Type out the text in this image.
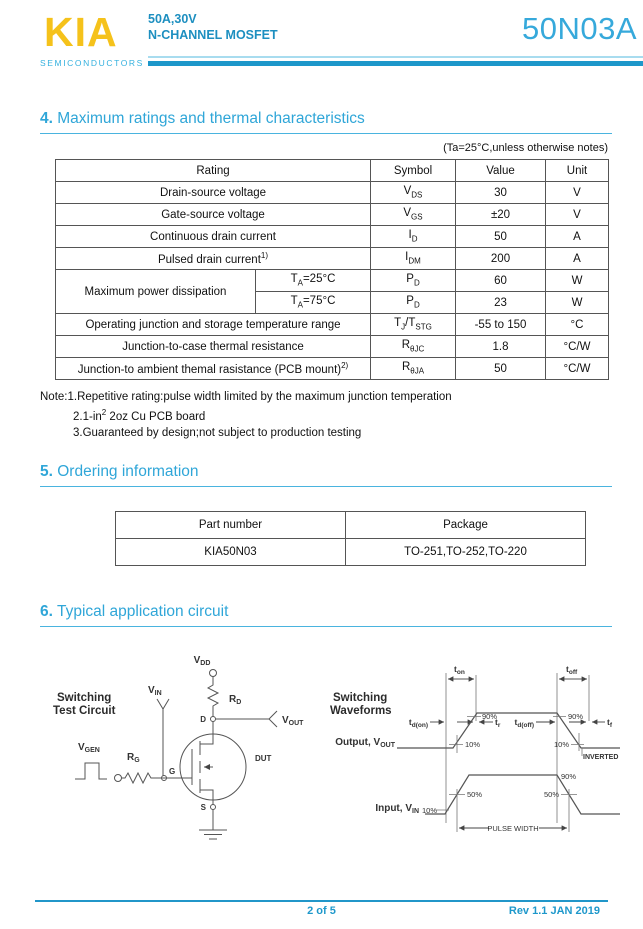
KIA
SEMICONDUCTORS
50A,30V
N-CHANNEL MOSFET	50N03A
4. Maximum ratings and thermal characteristics
(Ta=25°C,unless otherwise notes)
Rating		Symbol	Value	Unit
Drain-source voltage		$V_{DS}$	30	V
Gate-source voltage		$V_{GS}$	±20	V
Continuous drain current		$I_D$	50	A
Pulsed drain current$^{1)}$		$I_{DM}$	200	A
Maximum power dissipation	$T_A=25^\circ C$	$P_D$	60	W
	$T_A=75^\circ C$	$P_D$	23	W
Operating junction and storage temperature range		$T_J/T_{STG}$	-55 to 150	°C
Junction-to-case thermal resistance		$R_{\theta JC}$	1.8	°C/W
Junction-to ambient themal rasistance (PCB mount)$^{2)}$		$R_{\theta JA}$	50	°C/W
Note:1.Repetitive rating:pulse width limited by the maximum junction temperation
$2.1-in^2$ 2oz Cu PCB board
3.Guaranteed by design;not subject to production testing
5. Ordering information
Part number	Package
KIA50N03	TO-251,TO-252,TO-220
6. Typical application circuit
Switching
Test Circuit
$V_{GEN}$
$R_G$
G
$V_{IN}$
DUT
$V_{DD}$
$R_D$
D	$V_{OUT}$
S
Switching
Waveforms
$t_{on}$	$t_{off}$
$t_{d(on)}$	$t_r$ $t_{d(off)}$	$t_f$
Output, $V_{OUT}$
90%
10%
90%
10%
INVERTED
Input, $V_{IN}$ 10%
50%	50%
90%
PULSE WIDTH
2 of 5	Rev 1.1 JAN 2019
